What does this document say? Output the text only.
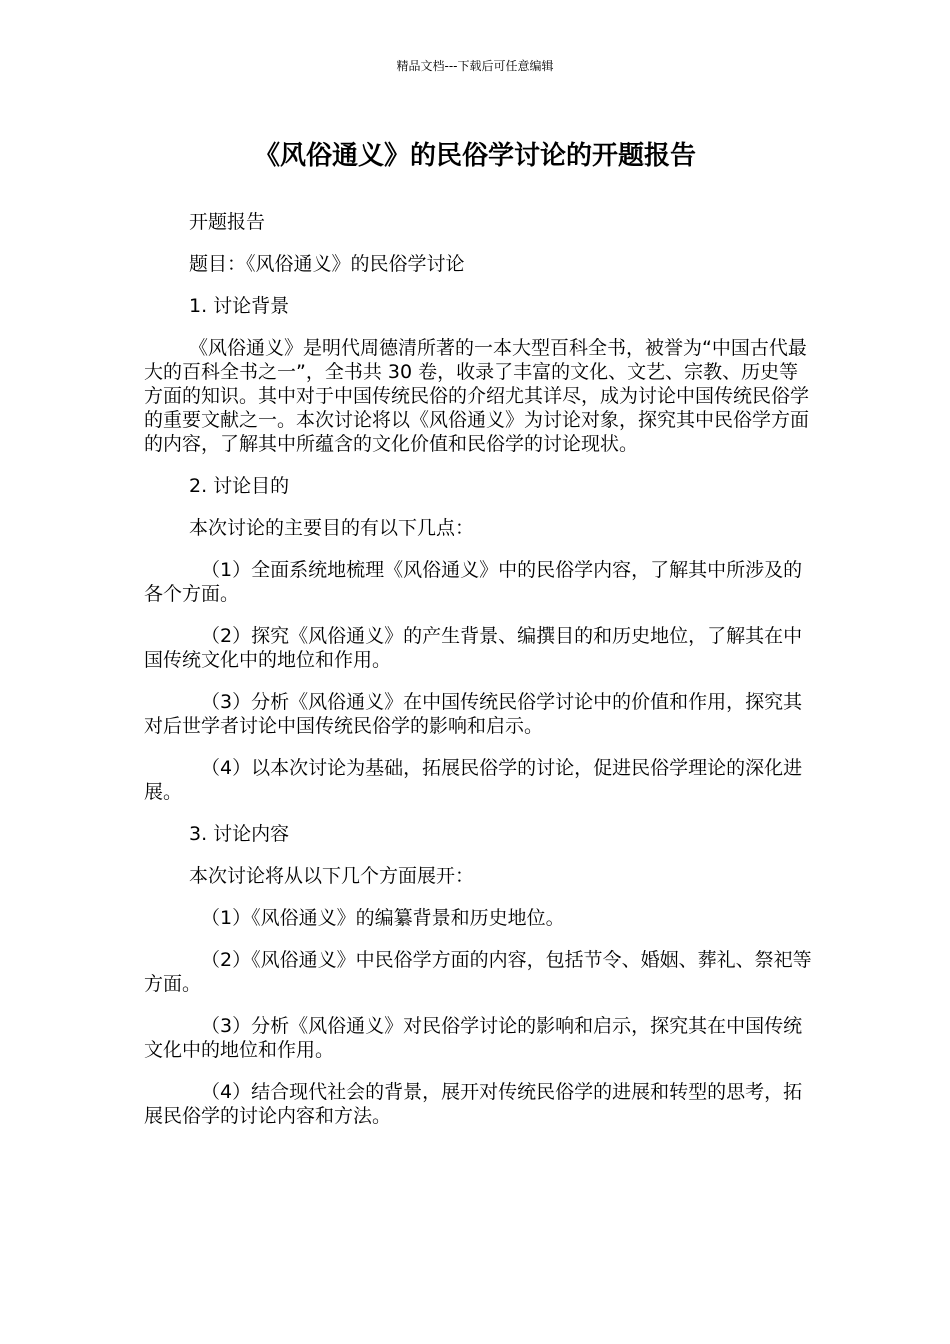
精品文档---下载后可任意编辑
《风俗通义》的民俗学讨论的开题报告

开题报告

题目：《风俗通义》的民俗学讨论

1. 讨论背景

《风俗通义》是明代周德清所著的一本大型百科全书，被誉为“中国古代最大的百科全书之一”，全书共 30 卷，收录了丰富的文化、文艺、宗教、历史等方面的知识。其中对于中国传统民俗的介绍尤其详尽，成为讨论中国传统民俗学的重要文献之一。本次讨论将以《风俗通义》为讨论对象，探究其中民俗学方面的内容，了解其中所蕴含的文化价值和民俗学的讨论现状。

2. 讨论目的

本次讨论的主要目的有以下几点：

（1）全面系统地梳理《风俗通义》中的民俗学内容，了解其中所涉及的各个方面。

（2）探究《风俗通义》的产生背景、编撰目的和历史地位，了解其在中国传统文化中的地位和作用。

（3）分析《风俗通义》在中国传统民俗学讨论中的价值和作用，探究其对后世学者讨论中国传统民俗学的影响和启示。

（4）以本次讨论为基础，拓展民俗学的讨论，促进民俗学理论的深化进展。

3. 讨论内容

本次讨论将从以下几个方面展开：

（1）《风俗通义》的编纂背景和历史地位。

（2）《风俗通义》中民俗学方面的内容，包括节令、婚姻、葬礼、祭祀等方面。

（3）分析《风俗通义》对民俗学讨论的影响和启示，探究其在中国传统文化中的地位和作用。

（4）结合现代社会的背景，展开对传统民俗学的进展和转型的思考，拓展民俗学的讨论内容和方法。
